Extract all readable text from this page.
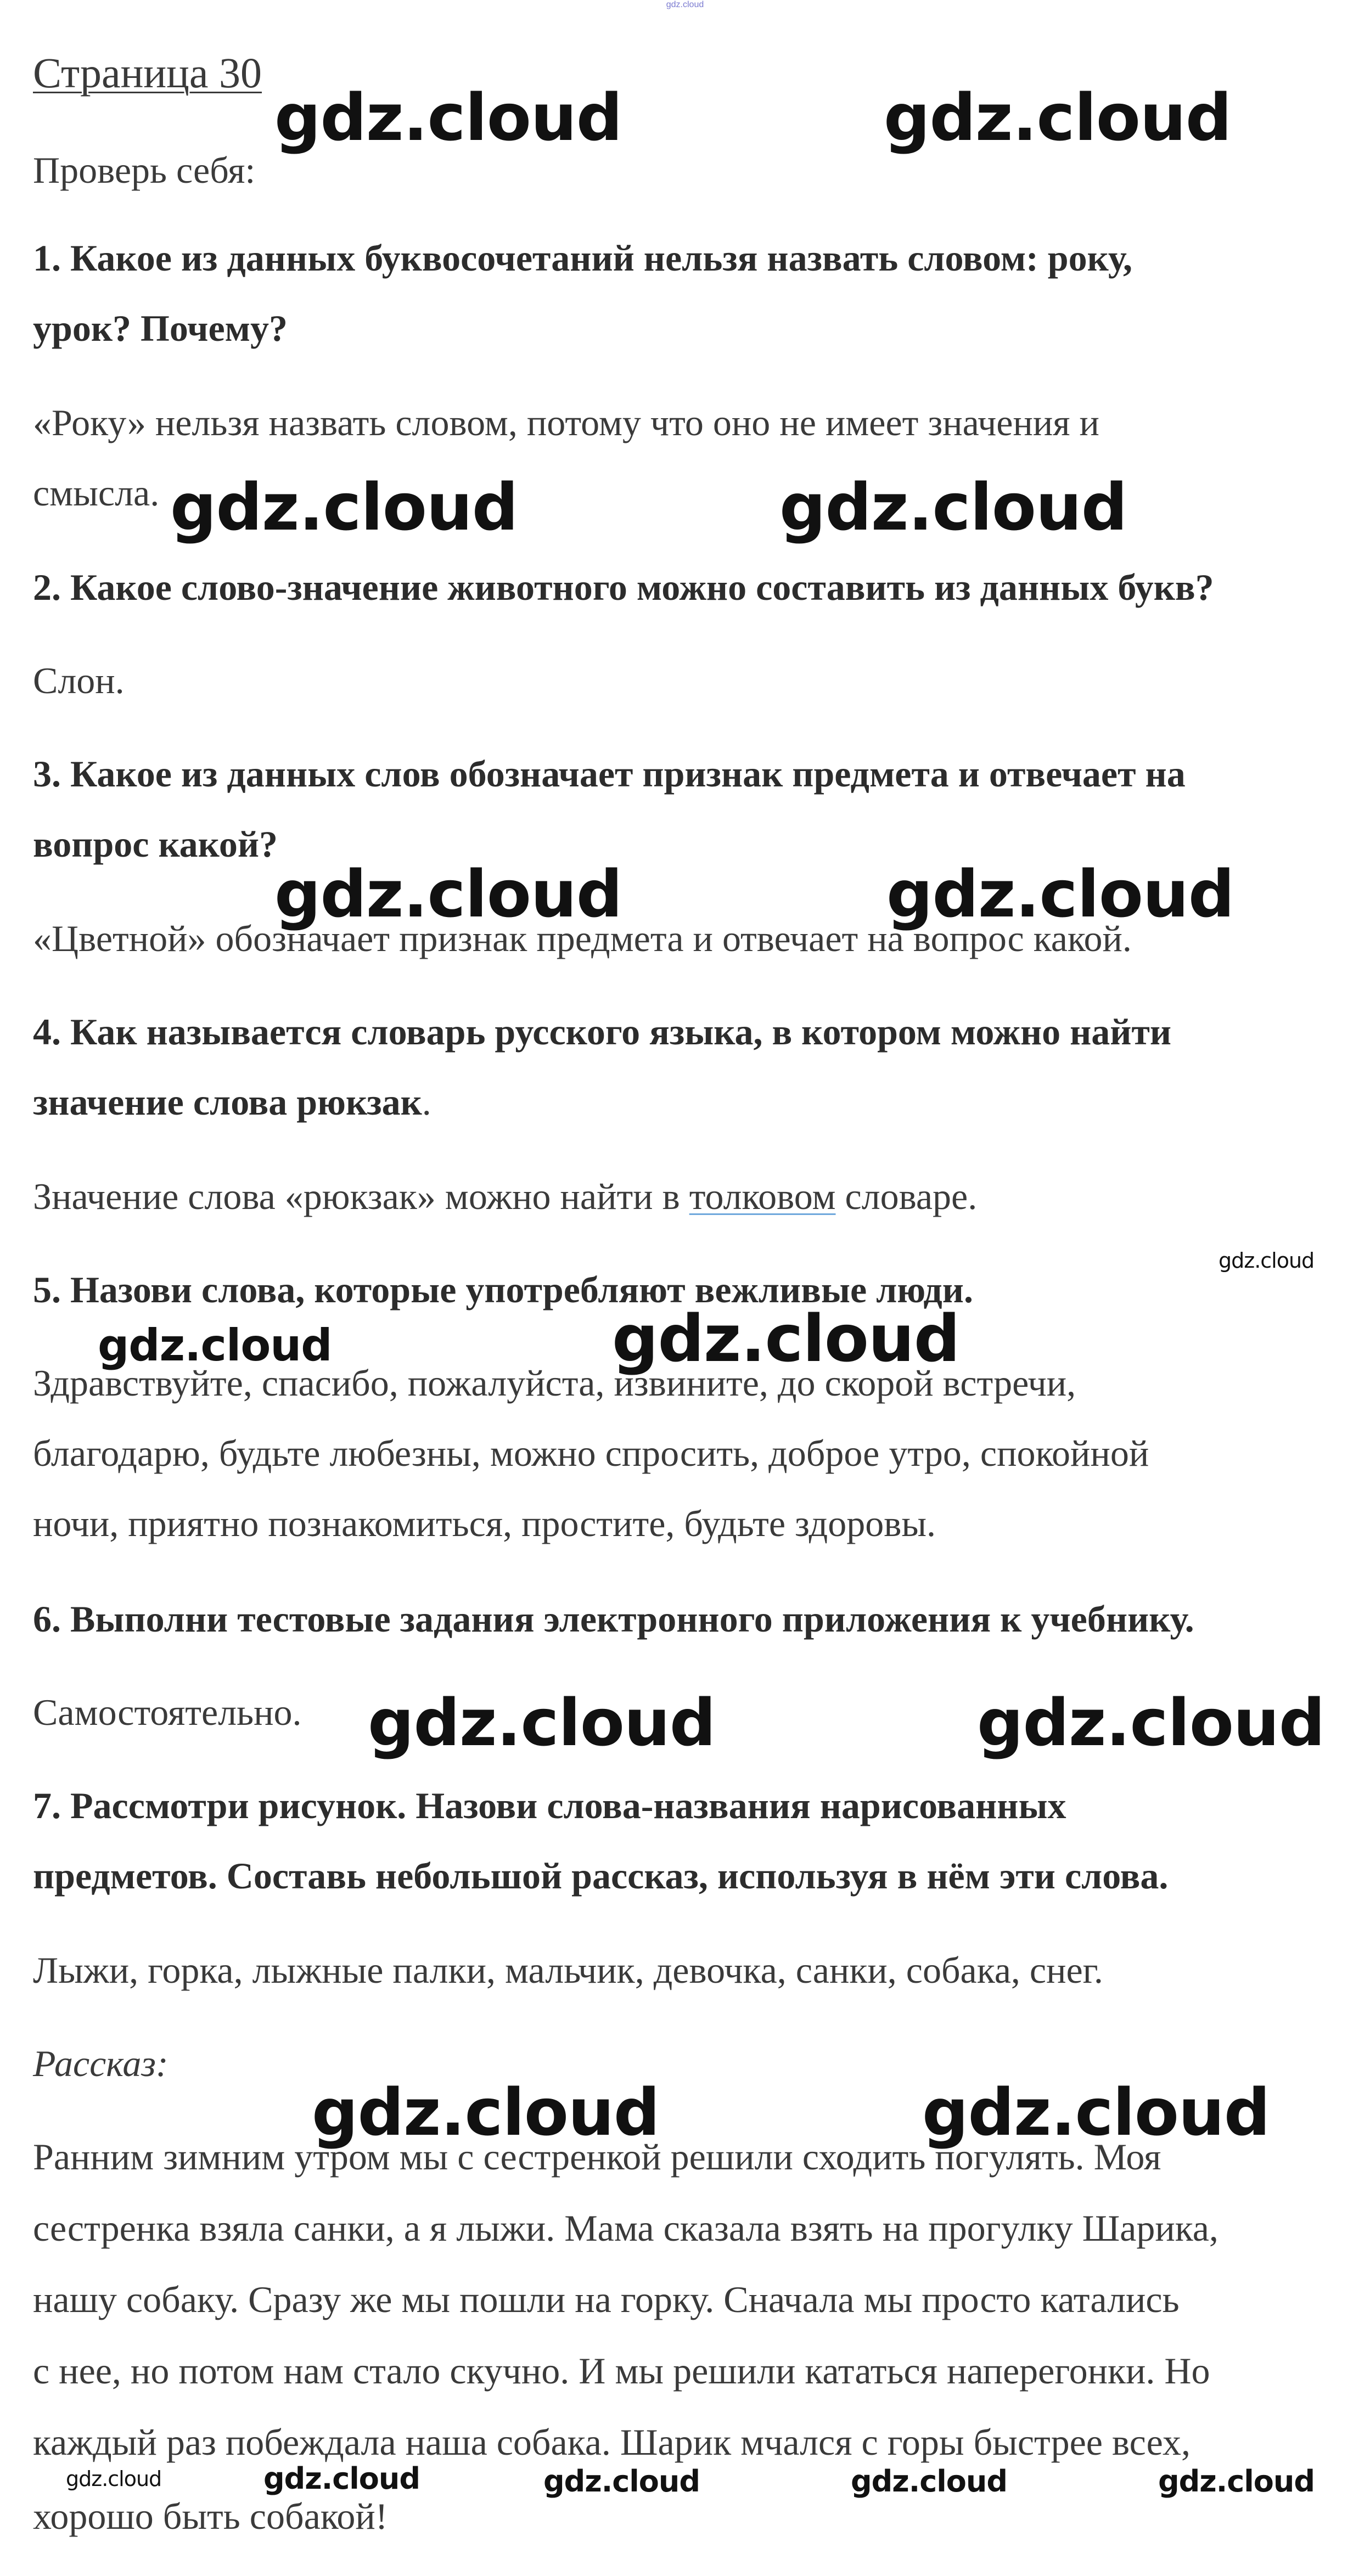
gdz.cloud
Страница 30
Проверь себя:
1. Какое из данных буквосочетаний нельзя назвать словом: року,
урок? Почему?
«Року» нельзя назвать словом, потому что оно не имеет значения и
смысла.
2. Какое слово-значение животного можно составить из данных букв?
Слон.
3. Какое из данных слов обозначает признак предмета и отвечает на
вопрос какой?
«Цветной» обозначает признак предмета и отвечает на вопрос какой.
4. Как называется словарь русского языка, в котором можно найти
значение слова рюкзак.
Значение слова «рюкзак» можно найти в толковом словаре.
5. Назови слова, которые употребляют вежливые люди.
Здравствуйте, спасибо, пожалуйста, извините, до скорой встречи,
благодарю, будьте любезны, можно спросить, доброе утро, спокойной
ночи, приятно познакомиться, простите, будьте здоровы.
6. Выполни тестовые задания электронного приложения к учебнику.
Самостоятельно.
7. Рассмотри рисунок. Назови слова-названия нарисованных
предметов. Составь небольшой рассказ, используя в нём эти слова.
Лыжи, горка, лыжные палки, мальчик, девочка, санки, собака, снег.
Рассказ:
Ранним зимним утром мы с сестренкой решили сходить погулять. Моя
сестренка взяла санки, а я лыжи. Мама сказала взять на прогулку Шарика,
нашу собаку. Сразу же мы пошли на горку. Сначала мы просто катались
с нее, но потом нам стало скучно. И мы решили кататься наперегонки. Но
каждый раз побеждала наша собака. Шарик мчался с горы быстрее всех,
хорошо быть собакой!
gdz.cloud	gdz.cloud
gdz.cloud	gdz.cloud
gdz.cloud	gdz.cloud
gdz.cloud
gdz.cloud	gdz.cloud
gdz.cloud	gdz.cloud
gdz.cloud	gdz.cloud
gdz.cloud	gdz.cloud	gdz.cloud	gdz.cloud	gdz.cloud
